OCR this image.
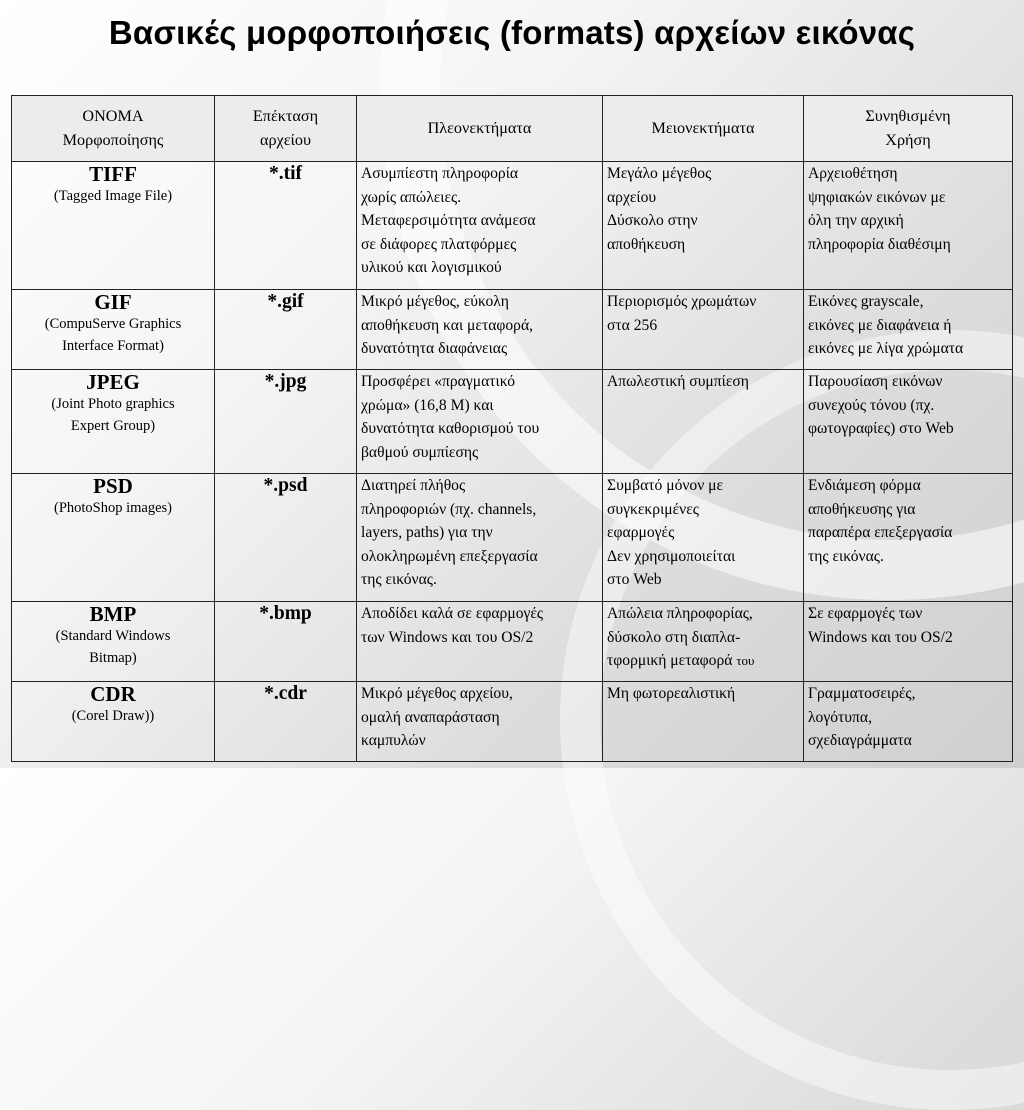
Βασικές μορφοποιήσεις (formats) αρχείων εικόνας
ΟΝΟΜΑ
Μορφοποίησης	Επέκταση
αρχείου	Πλεονεκτήματα	Μειονεκτήματα	Συνηθισμένη
Χρήση

TIFF
(Tagged Image File)	*.tif	Ασυμπίεστη πληροφορία
χωρίς απώλειες.
Μεταφερσιμότητα ανάμεσα
σε διάφορες πλατφόρμες
υλικού και λογισμικού	Μεγάλο μέγεθος
αρχείου
Δύσκολο στην
αποθήκευση	Αρχειοθέτηση
ψηφιακών εικόνων με
όλη την αρχική
πληροφορία διαθέσιμη

GIF
(CompuServe Graphics
Interface Format)	*.gif	Μικρό μέγεθος, εύκολη
αποθήκευση και μεταφορά,
δυνατότητα διαφάνειας	Περιορισμός χρωμάτων
στα 256	Εικόνες grayscale,
εικόνες με διαφάνεια ή
εικόνες με λίγα χρώματα

JPEG
(Joint Photo graphics
Expert Group)	*.jpg	Προσφέρει «πραγματικό
χρώμα» (16,8 M) και
δυνατότητα καθορισμού του
βαθμού συμπίεσης	Απωλεστική συμπίεση	Παρουσίαση εικόνων
συνεχούς τόνου (πχ.
φωτογραφίες) στο Web

PSD
(PhotoShop images)	*.psd	Διατηρεί πλήθος
πληροφοριών (πχ. channels,
layers, paths) για την
ολοκληρωμένη επεξεργασία
της εικόνας.	Συμβατό μόνον με
συγκεκριμένες
εφαρμογές
Δεν χρησιμοποιείται
στο Web	Ενδιάμεση φόρμα
αποθήκευσης για
παραπέρα επεξεργασία
της εικόνας.

BMP
(Standard Windows
Bitmap)	*.bmp	Αποδίδει καλά σε εφαρμογές
των Windows και του OS/2	Απώλεια πληροφορίας,
δύσκολο στη διαπλα-
τφορμική μεταφορά του	Σε εφαρμογές των
Windows και του OS/2

CDR
(Corel Draw))	*.cdr	Μικρό μέγεθος αρχείου,
ομαλή αναπαράσταση
καμπυλών	Μη φωτορεαλιστική	Γραμματοσειρές,
λογότυπα,
σχεδιαγράμματα
